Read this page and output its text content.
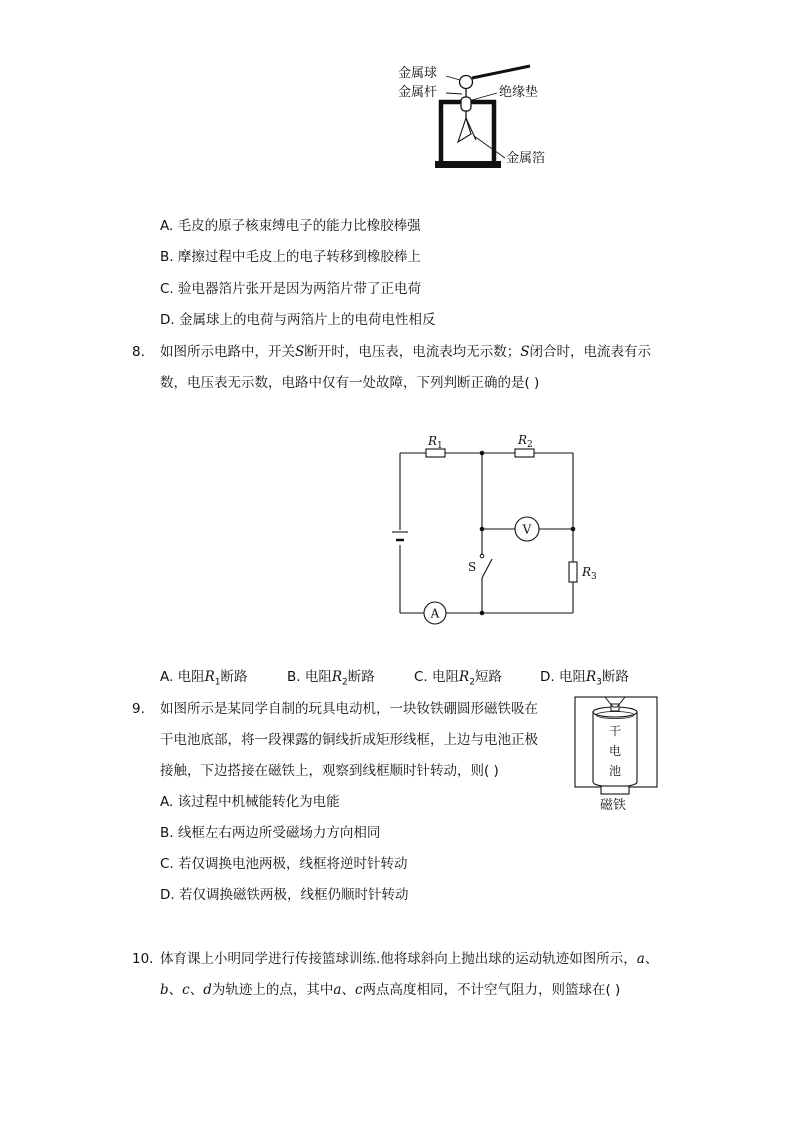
金属球
金属杆	绝缘垫
金属箔
A. 毛皮的原子核束缚电子的能力比橡胶棒强
B. 摩擦过程中毛皮上的电子转移到橡胶棒上
C. 验电器箔片张开是因为两箔片带了正电荷
D. 金属球上的电荷与两箔片上的电荷电性相反
8. 如图所示电路中，开关S断开时，电压表，电流表均无示数；S闭合时，电流表有示
数，电压表无示数，电路中仅有一处故障，下列判断正确的是( )
$R_1$	$R_2$
$R_3$
V
A
S
A. 电阻$R_1$断路	B. 电阻$R_2$断路	C. 电阻$R_2$短路	D. 电阻$R_3$断路
9. 如图所示是某同学自制的玩具电动机，一块钕铁硼圆形磁铁吸在
干电池底部，将一段裸露的铜线折成矩形线框，上边与电池正极
接触，下边搭接在磁铁上，观察到线框顺时针转动，则( )
A. 该过程中机械能转化为电能
B. 线框左右两边所受磁场力方向相同
C. 若仅调换电池两极，线框将逆时针转动
D. 若仅调换磁铁两极，线框仍顺时针转动
干
电
池
磁铁
10. 体育课上小明同学进行传接篮球训练.他将球斜向上抛出球的运动轨迹如图所示，a、
b、c、d为轨迹上的点，其中a、c两点高度相同，不计空气阻力，则篮球在( )
